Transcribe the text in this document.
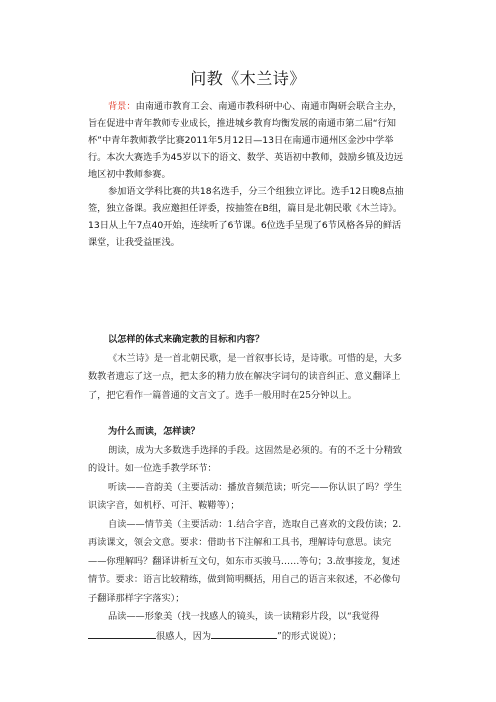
问教《木兰诗》

背景：由南通市教育工会、南通市教科研中心、南通市陶研会联合主办，旨在促进中青年教师专业成长，推进城乡教育均衡发展的南通市第二届“行知杯”中青年教师教学比赛2011年5月12日—13日在南通市通州区金沙中学举行。本次大赛选手为45岁以下的语文、数学、英语初中教师，鼓励乡镇及边远地区初中教师参赛。

参加语文学科比赛的共18名选手，分三个组独立评比。选手12日晚8点抽签，独立备课。我应邀担任评委，按抽签在B组，篇目是北朝民歌《木兰诗》。13日从上午7点40开始，连续听了6节课。6位选手呈现了6节风格各异的鲜活课堂，让我受益匪浅。

以怎样的体式来确定教的目标和内容？

《木兰诗》是一首北朝民歌，是一首叙事长诗，是诗歌。可惜的是，大多数教者遗忘了这一点，把太多的精力放在解决字词句的读音纠正、意义翻译上了，把它看作一篇普通的文言文了。选手一般用时在25分钟以上。

为什么而读，怎样读？

朗读，成为大多数选手选择的手段。这固然是必须的。有的不乏十分精致的设计。如一位选手教学环节：

听读——音韵美（主要活动：播放音频范读；听完——你认识了吗？学生识读字音，如机杼、可汗、鞍鞯等）；

自读——情节美（主要活动：1.结合字音，选取自己喜欢的文段仿读；2.再读课文，领会文意。要求：借助书下注解和工具书，理解诗句意思。读完——你理解吗？翻译讲析互文句，如东市买骏马……等句；3.故事接龙，复述情节。要求：语言比较精练，做到简明概括，用自己的语言来叙述，不必像句子翻译那样字字落实）；

品读——形象美（找一找感人的镜头，读一读精彩片段，以“我觉得很感人，因为	”的形式说说）；
